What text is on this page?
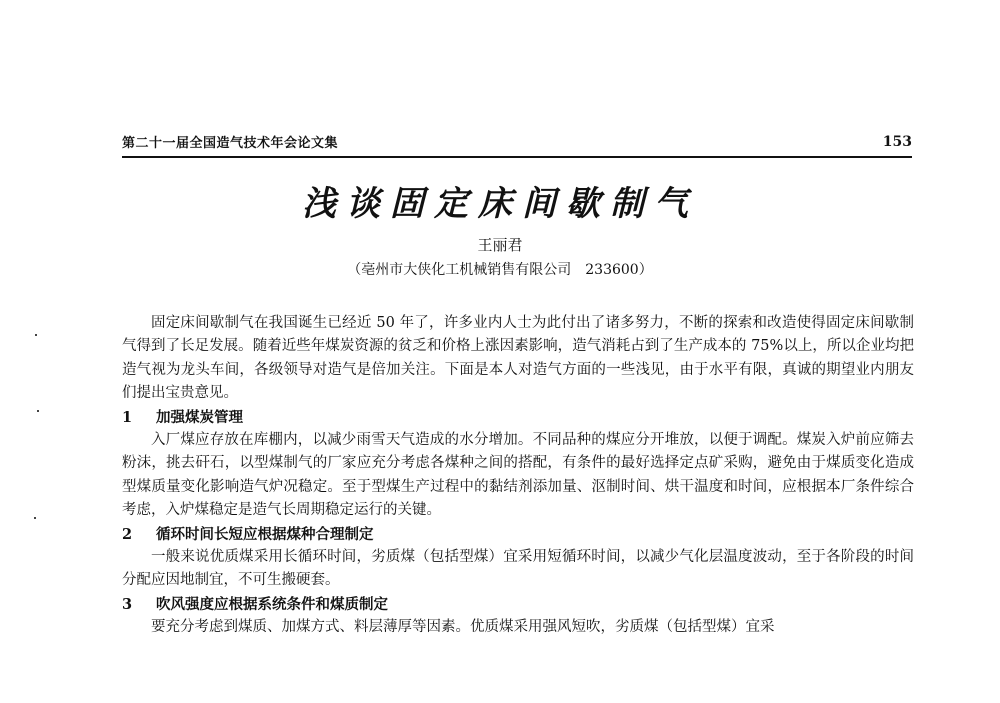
第二十一届全国造气技术年会论文集	153
浅谈固定床间歇制气
王丽君
（亳州市大侠化工机械销售有限公司　233600）

固定床间歇制气在我国诞生已经近 50 年了，许多业内人士为此付出了诸多努力，不断的探索和改造使得固定床间歇制气得到了长足发展。随着近些年煤炭资源的贫乏和价格上涨因素影响，造气消耗占到了生产成本的 75%以上，所以企业均把造气视为龙头车间，各级领导对造气是倍加关注。下面是本人对造气方面的一些浅见，由于水平有限，真诚的期望业内朋友们提出宝贵意见。

1 加强煤炭管理

入厂煤应存放在库棚内，以减少雨雪天气造成的水分增加。不同品种的煤应分开堆放，以便于调配。煤炭入炉前应筛去粉沫，挑去矸石，以型煤制气的厂家应充分考虑各煤种之间的搭配，有条件的最好选择定点矿采购，避免由于煤质变化造成型煤质量变化影响造气炉况稳定。至于型煤生产过程中的黏结剂添加量、沤制时间、烘干温度和时间，应根据本厂条件综合考虑，入炉煤稳定是造气长周期稳定运行的关键。

2 循环时间长短应根据煤种合理制定

一般来说优质煤采用长循环时间，劣质煤（包括型煤）宜采用短循环时间，以减少气化层温度波动，至于各阶段的时间分配应因地制宜，不可生搬硬套。

3 吹风强度应根据系统条件和煤质制定

要充分考虑到煤质、加煤方式、料层薄厚等因素。优质煤采用强风短吹，劣质煤（包括型煤）宜采
